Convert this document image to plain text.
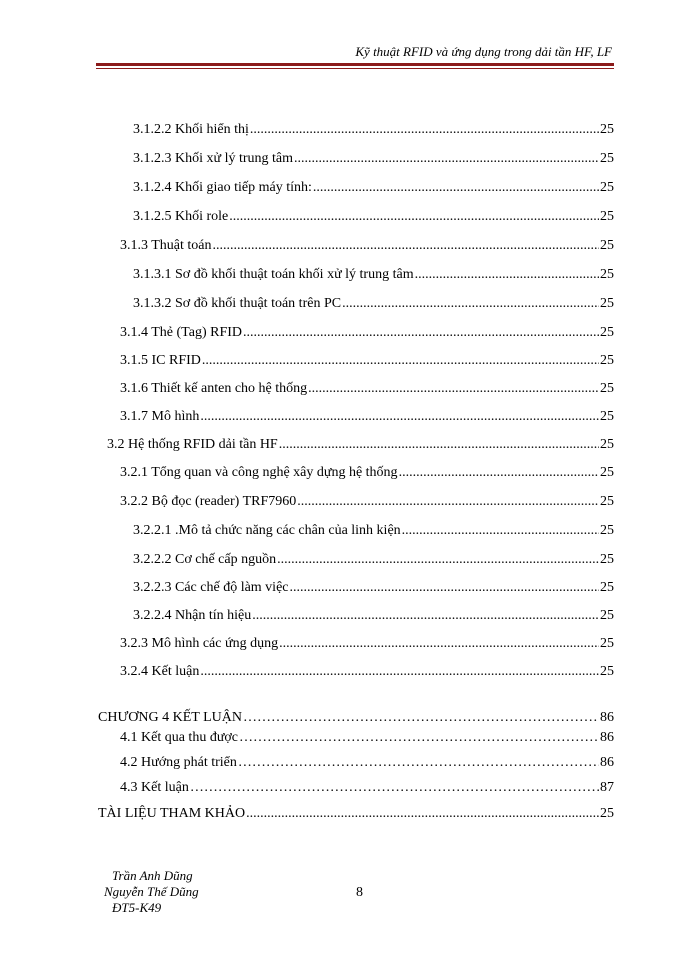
Kỹ thuật RFID và ứng dụng trong dải tần HF, LF
3.1.2.2 Khối hiển thị .....	25
3.1.2.3 Khối xử lý trung tâm .....	25
3.1.2.4 Khối giao tiếp máy tính: .....	25
3.1.2.5 Khối role .....	25
3.1.3 Thuật toán .....	25
3.1.3.1 Sơ đồ khối thuật toán khối xử lý trung tâm .....	25
3.1.3.2 Sơ đồ khối thuật toán trên PC .....	25
3.1.4 Thẻ (Tag) RFID .....	25
3.1.5 IC RFID .....	25
3.1.6 Thiết kế anten cho hệ thống .....	25
3.1.7 Mô hình .....	25
3.2 Hệ thống RFID dải tần HF .....	25
3.2.1 Tổng quan và công nghệ xây dựng hệ thống .....	25
3.2.2 Bộ đọc (reader) TRF7960 .....	25
3.2.2.1 .Mô tả chức năng các chân của linh kiện .....	25
3.2.2.2 Cơ chế cấp nguồn .....	25
3.2.2.3 Các chế độ làm việc .....	25
3.2.2.4 Nhận tín hiệu .....	25
3.2.3 Mô hình các ứng dụng .....	25
3.2.4 Kết luận .....	25
CHƯƠNG 4 KẾT LUẬN ……………………………………………………………………………………………………………………………………………………………………	86
4.1 Kết qua thu được ……………………………………………………………………………………………………………………………………………………………………	86
4.2 Hướng phát triển ……………………………………………………………………………………………………………………………………………………………………	86
4.3 Kết luận ……………………………………………………………………………………………………………………………………………………………………	87
TÀI LIỆU THAM KHẢO .....	25
Trần Anh Dũng
Nguyễn Thế Dũng
ĐT5-K49
8
